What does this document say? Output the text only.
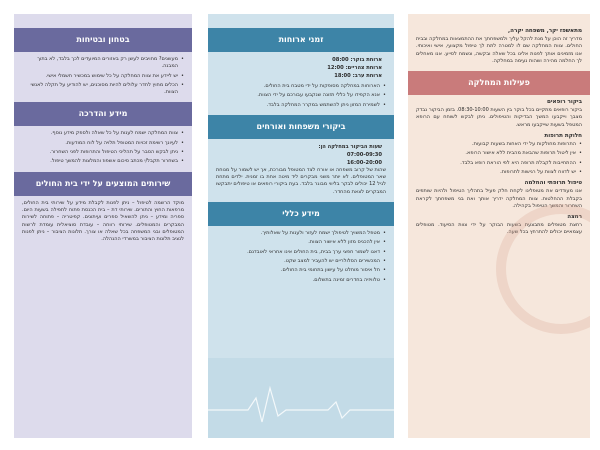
בטחון ובטיחות
• מעשנים? מחויבים לעשן רק באזורים המיועדים לכך בלבד, לא בתוך המבנה.
• יש ליידע את צוות המחלקה על כל שימוש במכשיר חשמלי אישי.
• הכלים מחוץ לחדר עלולים להיות מסוכנים, יש להודיע על תקלה לאנשי הצוות.
מידע והדרכה
• צוות המחלקה ישמח לענות על כל שאלה ולספק מידע נוסף.
• לעיונך רשימת זכויות המטופל תלויה על לוח המודעות.
• ניתן לבקש הסבר על תהליכי הטיפול והתרופות לפני השחרור.
• בשחרור תקבל/י מכתב סיכום אשפוז והמלצות להמשך טיפול.
שירותים המוצעים על ידי בית החולים

מוקד הרשמה לטיפול – ניתן לפנות לקבלת מידע על שירותי בית החולים, מרפאות החוץ והתורים. שירותי דת – בית הכנסת פתוח לתפילה בשעות היום. ספריה ומידע – ניתן להשאיל ספרים ועיתונים. קפיטריה – פתוחה לשירות המבקרים והמטופלים. שירותי רווחה – עובדת סוציאלית עומדת לרשות המטופלים ובני המשפחה בכל שאלה או צורך. תלונות הציבור – ניתן לפנות לנציב תלונות הציבור במשרדי ההנהלה.

זמני ארוחות
ארוחת בוקר: 08:00
ארוחת צהריים: 12:00
ארוחת ערב: 18:00
• הארוחות במחלקה מסופקות על ידי מטבח בית החולים.
• אנא הקפידו על כללי תזונה שנקבעו עבורכם על ידי הצוות.
• לשמירת המזון ניתן להשתמש במקרר המחלקה בלבד.
ביקורי משפחות ואורחים
שעות הביקור במחלקה הן:
07:00-09:30
16:00-20:00

שהות של קרוב משפחה או אורח לצד המטופל מבורכת, אך יש לשמור על מנוחת שאר המטופלים. לא יותר משני מבקרים ליד מיטה אחת בו זמנית. ילדים מתחת לגיל 12 יכולים לבקר בליווי מבוגר בלבד. בעת ביקורי רופאים או טיפולים יתבקשו המבקרים לצאת מהחדר.

מידע כללי
• מטפל המשויך לטיפולך ישמח לעזור ולענות על שאלותיך.
• אין להכניס מזון ללא אישור הצוות.
• דאגו לשמור חפצי ערך בבית, בית החולים אינו אחראי לאובדנם.
• המכשירים הסלולריים יש להעביר למצב שקט.
• חל איסור מוחלט על עישון בתחומי בית החולים.
• טלוויזיה בחדרים זמינה בתשלום.
מתאשפז יקר, משפחה יקרה,

מדריך זה הוכן על מנת להקל עליך ולמשפחתך את ההתמצאות במחלקה ובבית החולים. צוות המחלקה שם לו למטרה לתת לך טיפול מקצועי, אישי ואיכותי. אנו מזמינים אותך לפנות אלינו בכל שאלה ובקשה, ונשמח לסייע. אנו מאחלים לך החלמה מהירה ושהות נעימה במחלקה.

פעילות המחלקה
ביקור רופאים

ביקור רופאים מתקיים בכל בוקר בין השעות 08:30-10:00. בזמן הביקור נבדק מצבך וייקבעו המשך הבדיקות והטיפולים. ניתן לבקש לשוחח עם הרופא המטפל בשעות שייקבעו מראש.

חלוקת תרופות
• התרופות מחולקות על ידי האחות בשעות קבועות.
• אין ליטול תרופות שהבאת מהבית ללא אישור הרופא.
• ההתחייבות לקבלת תרופה היא לפי הוראת רופא בלבד.
• יש לדווח לצוות על רגישות לתרופות.
טיפול תרופתי והחלמה

אנו מעודדים את מטופלינו לקחת חלק פעיל בתהליך הטיפול ולהיות שותפים בקבלת ההחלטות. צוות המחלקה ידריך אותך ואת בני משפחתך לקראת השחרור והמשך הטיפול בקהילה.

רחצה

רחצת מטופלים מתבצעת בשעות הבוקר על ידי צוות הסיעוד. מטופלים עצמאיים יכולים להתרחץ בכל שעה.
